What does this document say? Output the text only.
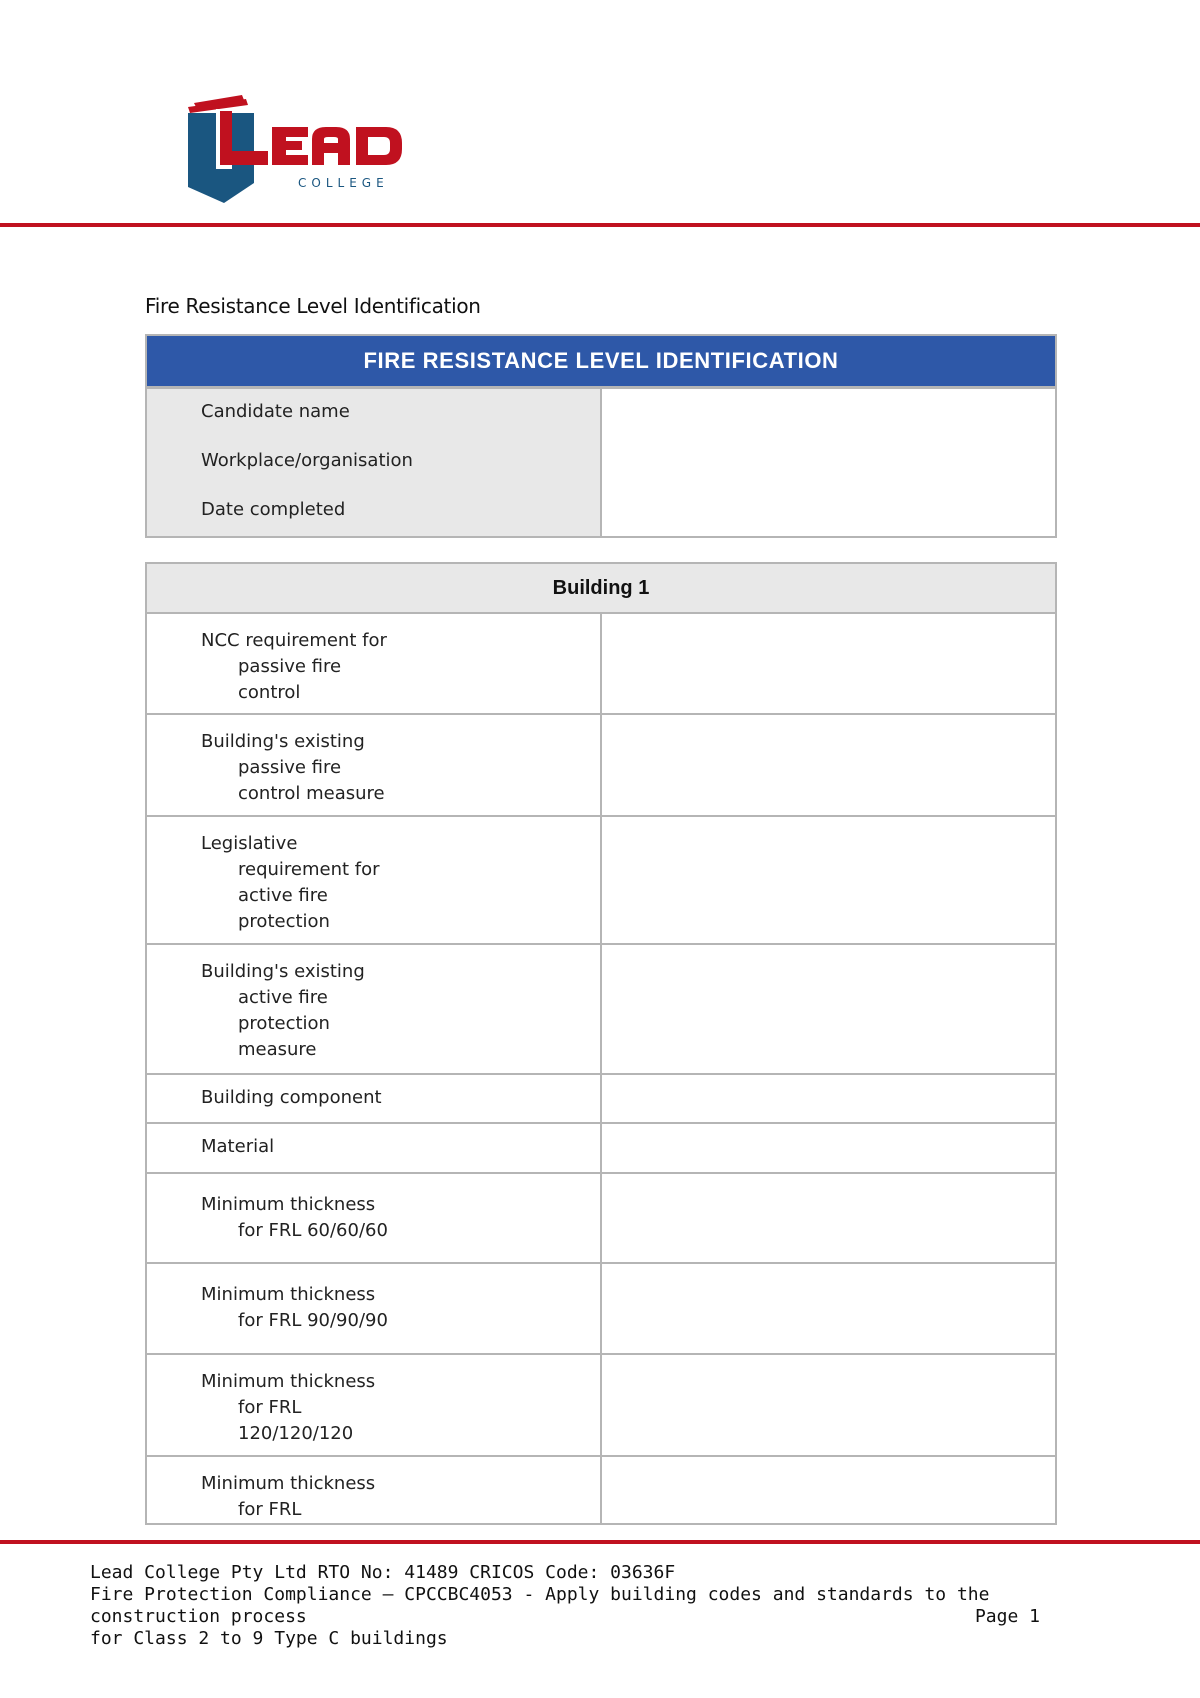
COLLEGE
Fire Resistance Level Identification
FIRE RESISTANCE LEVEL IDENTIFICATION

Candidate name
Workplace/organisation
Date completed

Building 1	

NCC requirement for
passive fire
control	

Building's existing
passive fire
control measure	

Legislative
requirement for
active fire
protection	

Building's existing
active fire
protection
measure	

Building component	

Material	

Minimum thickness
for FRL 60/60/60	

Minimum thickness
for FRL 90/90/90	

Minimum thickness
for FRL
120/120/120	

Minimum thickness
for FRL	

Lead College Pty Ltd RTO No: 41489 CRICOS Code: 03636F
Fire Protection Compliance – CPCCBC4053 - Apply building codes and standards to the construction process
for Class 2 to 9 Type C buildings
Page 1
